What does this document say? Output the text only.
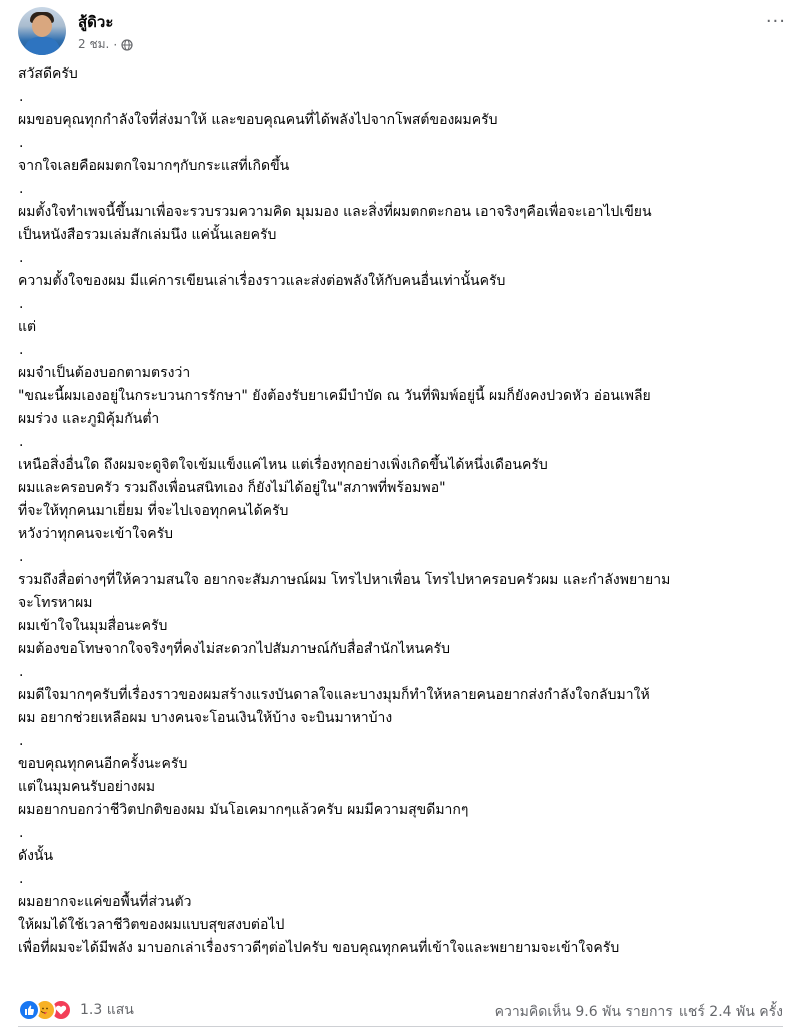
สู้ดิวะ
2 ชม. ·
···
สวัสดีครับ
.
ผมขอบคุณทุกกำลังใจที่ส่งมาให้ และขอบคุณคนที่ได้พลังไปจากโพสต์ของผมครับ
.
จากใจเลยคือผมตกใจมากๆกับกระแสที่เกิดขึ้น
.
ผมตั้งใจทำเพจนี้ขึ้นมาเพื่อจะรวบรวมความคิด มุมมอง และสิ่งที่ผมตกตะกอน เอาจริงๆคือเพื่อจะเอาไปเขียน
เป็นหนังสือรวมเล่มสักเล่มนึง แค่นั้นเลยครับ
.
ความตั้งใจของผม มีแค่การเขียนเล่าเรื่องราวและส่งต่อพลังให้กับคนอื่นเท่านั้นครับ
.
แต่
.
ผมจำเป็นต้องบอกตามตรงว่า
"ขณะนี้ผมเองอยู่ในกระบวนการรักษา" ยังต้องรับยาเคมีบำบัด ณ วันที่พิมพ์อยู่นี้ ผมก็ยังคงปวดหัว อ่อนเพลีย
ผมร่วง และภูมิคุ้มกันต่ำ
.
เหนือสิ่งอื่นใด ถึงผมจะดูจิตใจเข้มแข็งแค่ไหน แต่เรื่องทุกอย่างเพิ่งเกิดขึ้นได้หนึ่งเดือนครับ
ผมและครอบครัว รวมถึงเพื่อนสนิทเอง ก็ยังไม่ได้อยู่ใน"สภาพที่พร้อมพอ"
ที่จะให้ทุกคนมาเยี่ยม ที่จะไปเจอทุกคนได้ครับ
หวังว่าทุกคนจะเข้าใจครับ
.
รวมถึงสื่อต่างๆที่ให้ความสนใจ อยากจะสัมภาษณ์ผม โทรไปหาเพื่อน โทรไปหาครอบครัวผม และกำลังพยายาม
จะโทรหาผม
ผมเข้าใจในมุมสื่อนะครับ
ผมต้องขอโทษจากใจจริงๆที่คงไม่สะดวกไปสัมภาษณ์กับสื่อสำนักไหนครับ
.
ผมดีใจมากๆครับที่เรื่องราวของผมสร้างแรงบันดาลใจและบางมุมก็ทำให้หลายคนอยากส่งกำลังใจกลับมาให้
ผม อยากช่วยเหลือผม บางคนจะโอนเงินให้บ้าง จะบินมาหาบ้าง
.
ขอบคุณทุกคนอีกครั้งนะครับ
แต่ในมุมคนรับอย่างผม
ผมอยากบอกว่าชีวิตปกติของผม มันโอเคมากๆแล้วครับ ผมมีความสุขดีมากๆ
.
ดังนั้น
.
ผมอยากจะแค่ขอพื้นที่ส่วนตัว
ให้ผมได้ใช้เวลาชีวิตของผมแบบสุขสงบต่อไป
เพื่อที่ผมจะได้มีพลัง มาบอกเล่าเรื่องราวดีๆต่อไปครับ ขอบคุณทุกคนที่เข้าใจและพยายามจะเข้าใจครับ
1.3 แสน	ความคิดเห็น 9.6 พัน รายการ แชร์ 2.4 พัน ครั้ง
